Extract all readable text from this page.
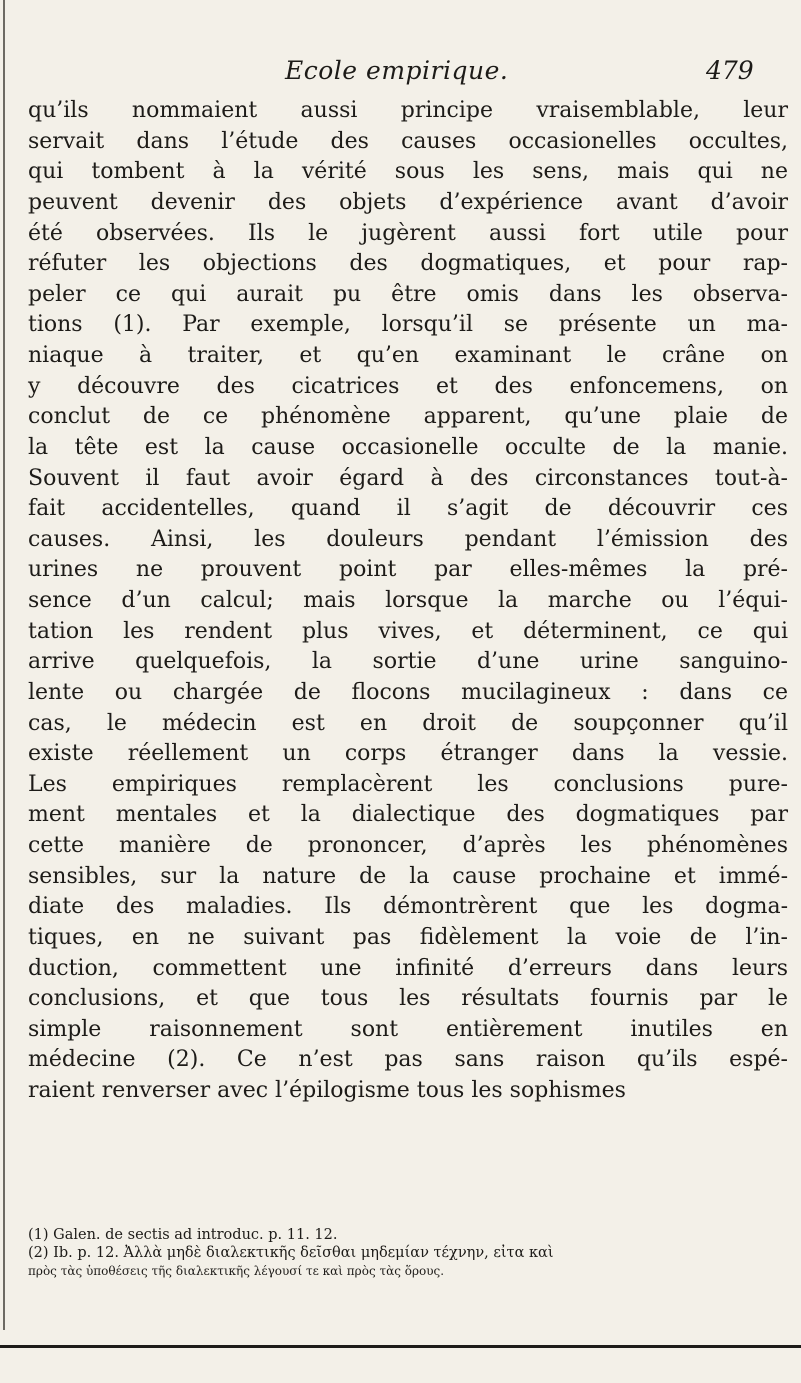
Ecole empirique.	479
qu’ils nommaient aussi principe vraisemblable, leur
servait dans l’étude des causes occasionelles occultes,
qui tombent à la vérité sous les sens, mais qui ne
peuvent devenir des objets d’expérience avant d’avoir
été observées. Ils le jugèrent aussi fort utile pour
réfuter les objections des dogmatiques, et pour rap-
peler ce qui aurait pu être omis dans les observa-
tions (1). Par exemple, lorsqu’il se présente un ma-
niaque à traiter, et qu’en examinant le crâne on
y découvre des cicatrices et des enfoncemens, on
conclut de ce phénomène apparent, qu’une plaie de
la tête est la cause occasionelle occulte de la manie.
Souvent il faut avoir égard à des circonstances tout-à-
fait accidentelles, quand il s’agit de découvrir ces
causes. Ainsi, les douleurs pendant l’émission des
urines ne prouvent point par elles-mêmes la pré-
sence d’un calcul; mais lorsque la marche ou l’équi-
tation les rendent plus vives, et déterminent, ce qui
arrive quelquefois, la sortie d’une urine sanguino-
lente ou chargée de flocons mucilagineux : dans ce
cas, le médecin est en droit de soupçonner qu’il
existe réellement un corps étranger dans la vessie.
Les empiriques remplacèrent les conclusions pure-
ment mentales et la dialectique des dogmatiques par
cette manière de prononcer, d’après les phénomènes
sensibles, sur la nature de la cause prochaine et immé-
diate des maladies. Ils démontrèrent que les dogma-
tiques, en ne suivant pas fidèlement la voie de l’in-
duction, commettent une infinité d’erreurs dans leurs
conclusions, et que tous les résultats fournis par le
simple raisonnement sont entièrement inutiles en
médecine (2). Ce n’est pas sans raison qu’ils espé-
raient renverser avec l’épilogisme tous les sophismes
(1) Galen. de sectis ad introduc. p. 11. 12.
(2) Ib. p. 12. Ἀλλὰ μηδὲ διαλεκτικῆς δεῖσθαι μηδεμίαν τέχνην, εἶτα καὶ
πρὸς τὰς ὑποθέσεις τῆς διαλεκτικῆς λέγουσί τε καὶ πρὸς τὰς ὅρους.
